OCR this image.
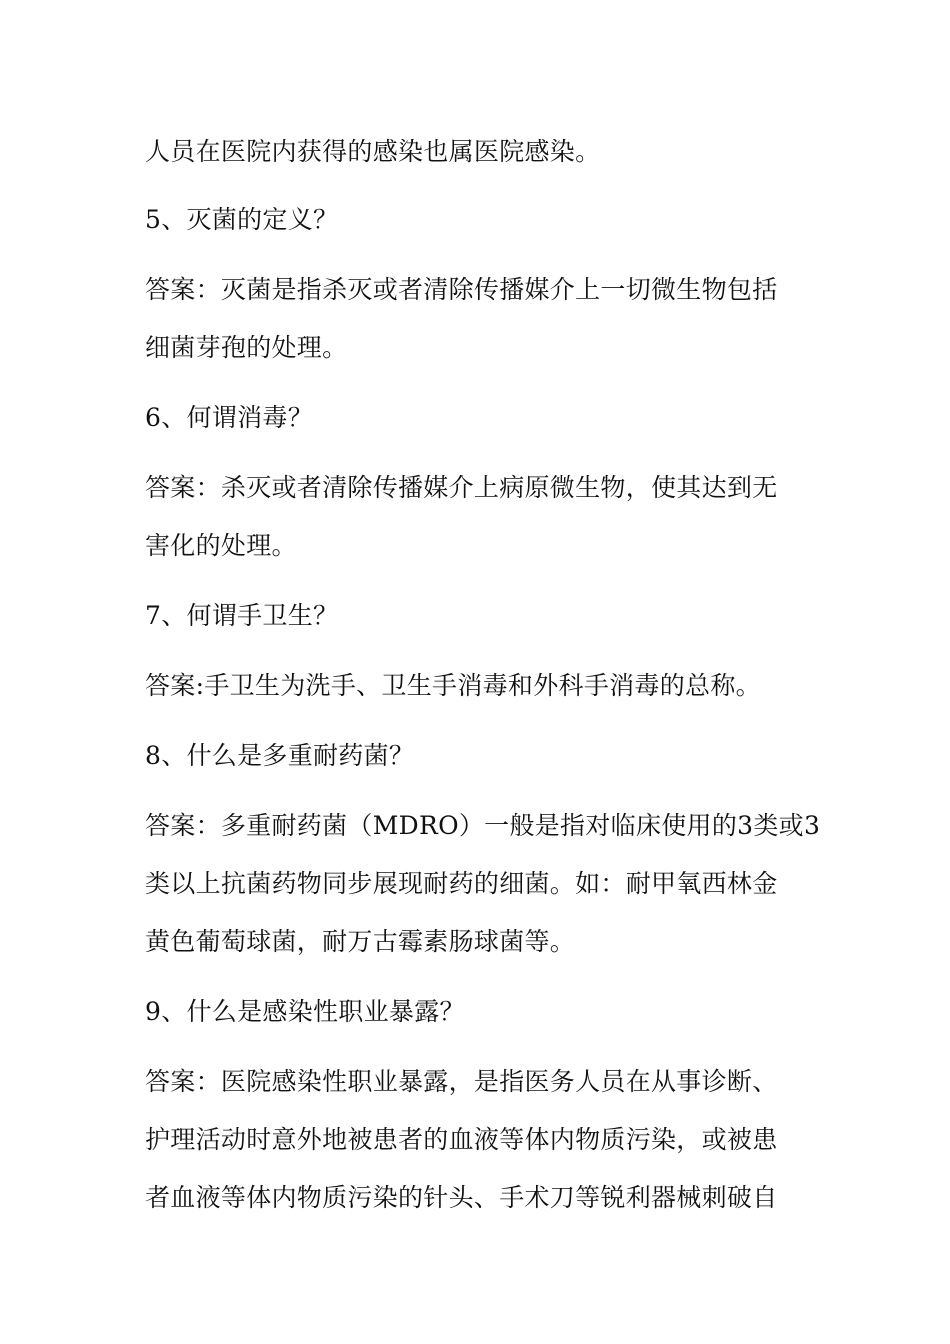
人员在医院内获得的感染也属医院感染。
5、灭菌的定义？
答案：灭菌是指杀灭或者清除传播媒介上一切微生物包括
细菌芽孢的处理。
6、何谓消毒？
答案：杀灭或者清除传播媒介上病原微生物，使其达到无
害化的处理。
7、何谓手卫生？
答案:手卫生为洗手、卫生手消毒和外科手消毒的总称。
8、什么是多重耐药菌？
答案：多重耐药菌（MDRO）一般是指对临床使用的3类或3
类以上抗菌药物同步展现耐药的细菌。如：耐甲氧西林金
黄色葡萄球菌，耐万古霉素肠球菌等。
9、什么是感染性职业暴露？
答案：医院感染性职业暴露，是指医务人员在从事诊断、
护理活动时意外地被患者的血液等体内物质污染，或被患
者血液等体内物质污染的针头、手术刀等锐利器械刺破自
